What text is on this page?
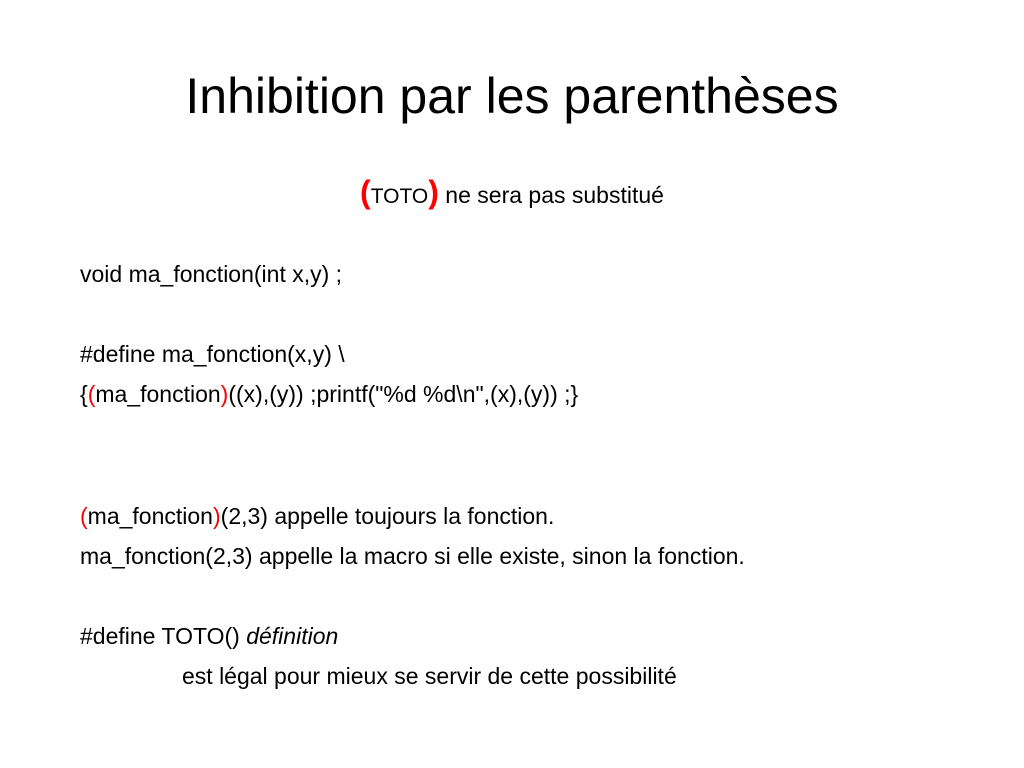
Inhibition par les parenthèses
(TOTO) ne sera pas substitué
void ma_fonction(int x,y) ;
#define ma_fonction(x,y) \
{(ma_fonction)((x),(y)) ;printf("%d %d\n",(x),(y)) ;}
(ma_fonction)(2,3) appelle toujours la fonction.
ma_fonction(2,3) appelle la macro si elle existe, sinon la fonction.
#define TOTO() définition
est légal pour mieux se servir de cette possibilité
